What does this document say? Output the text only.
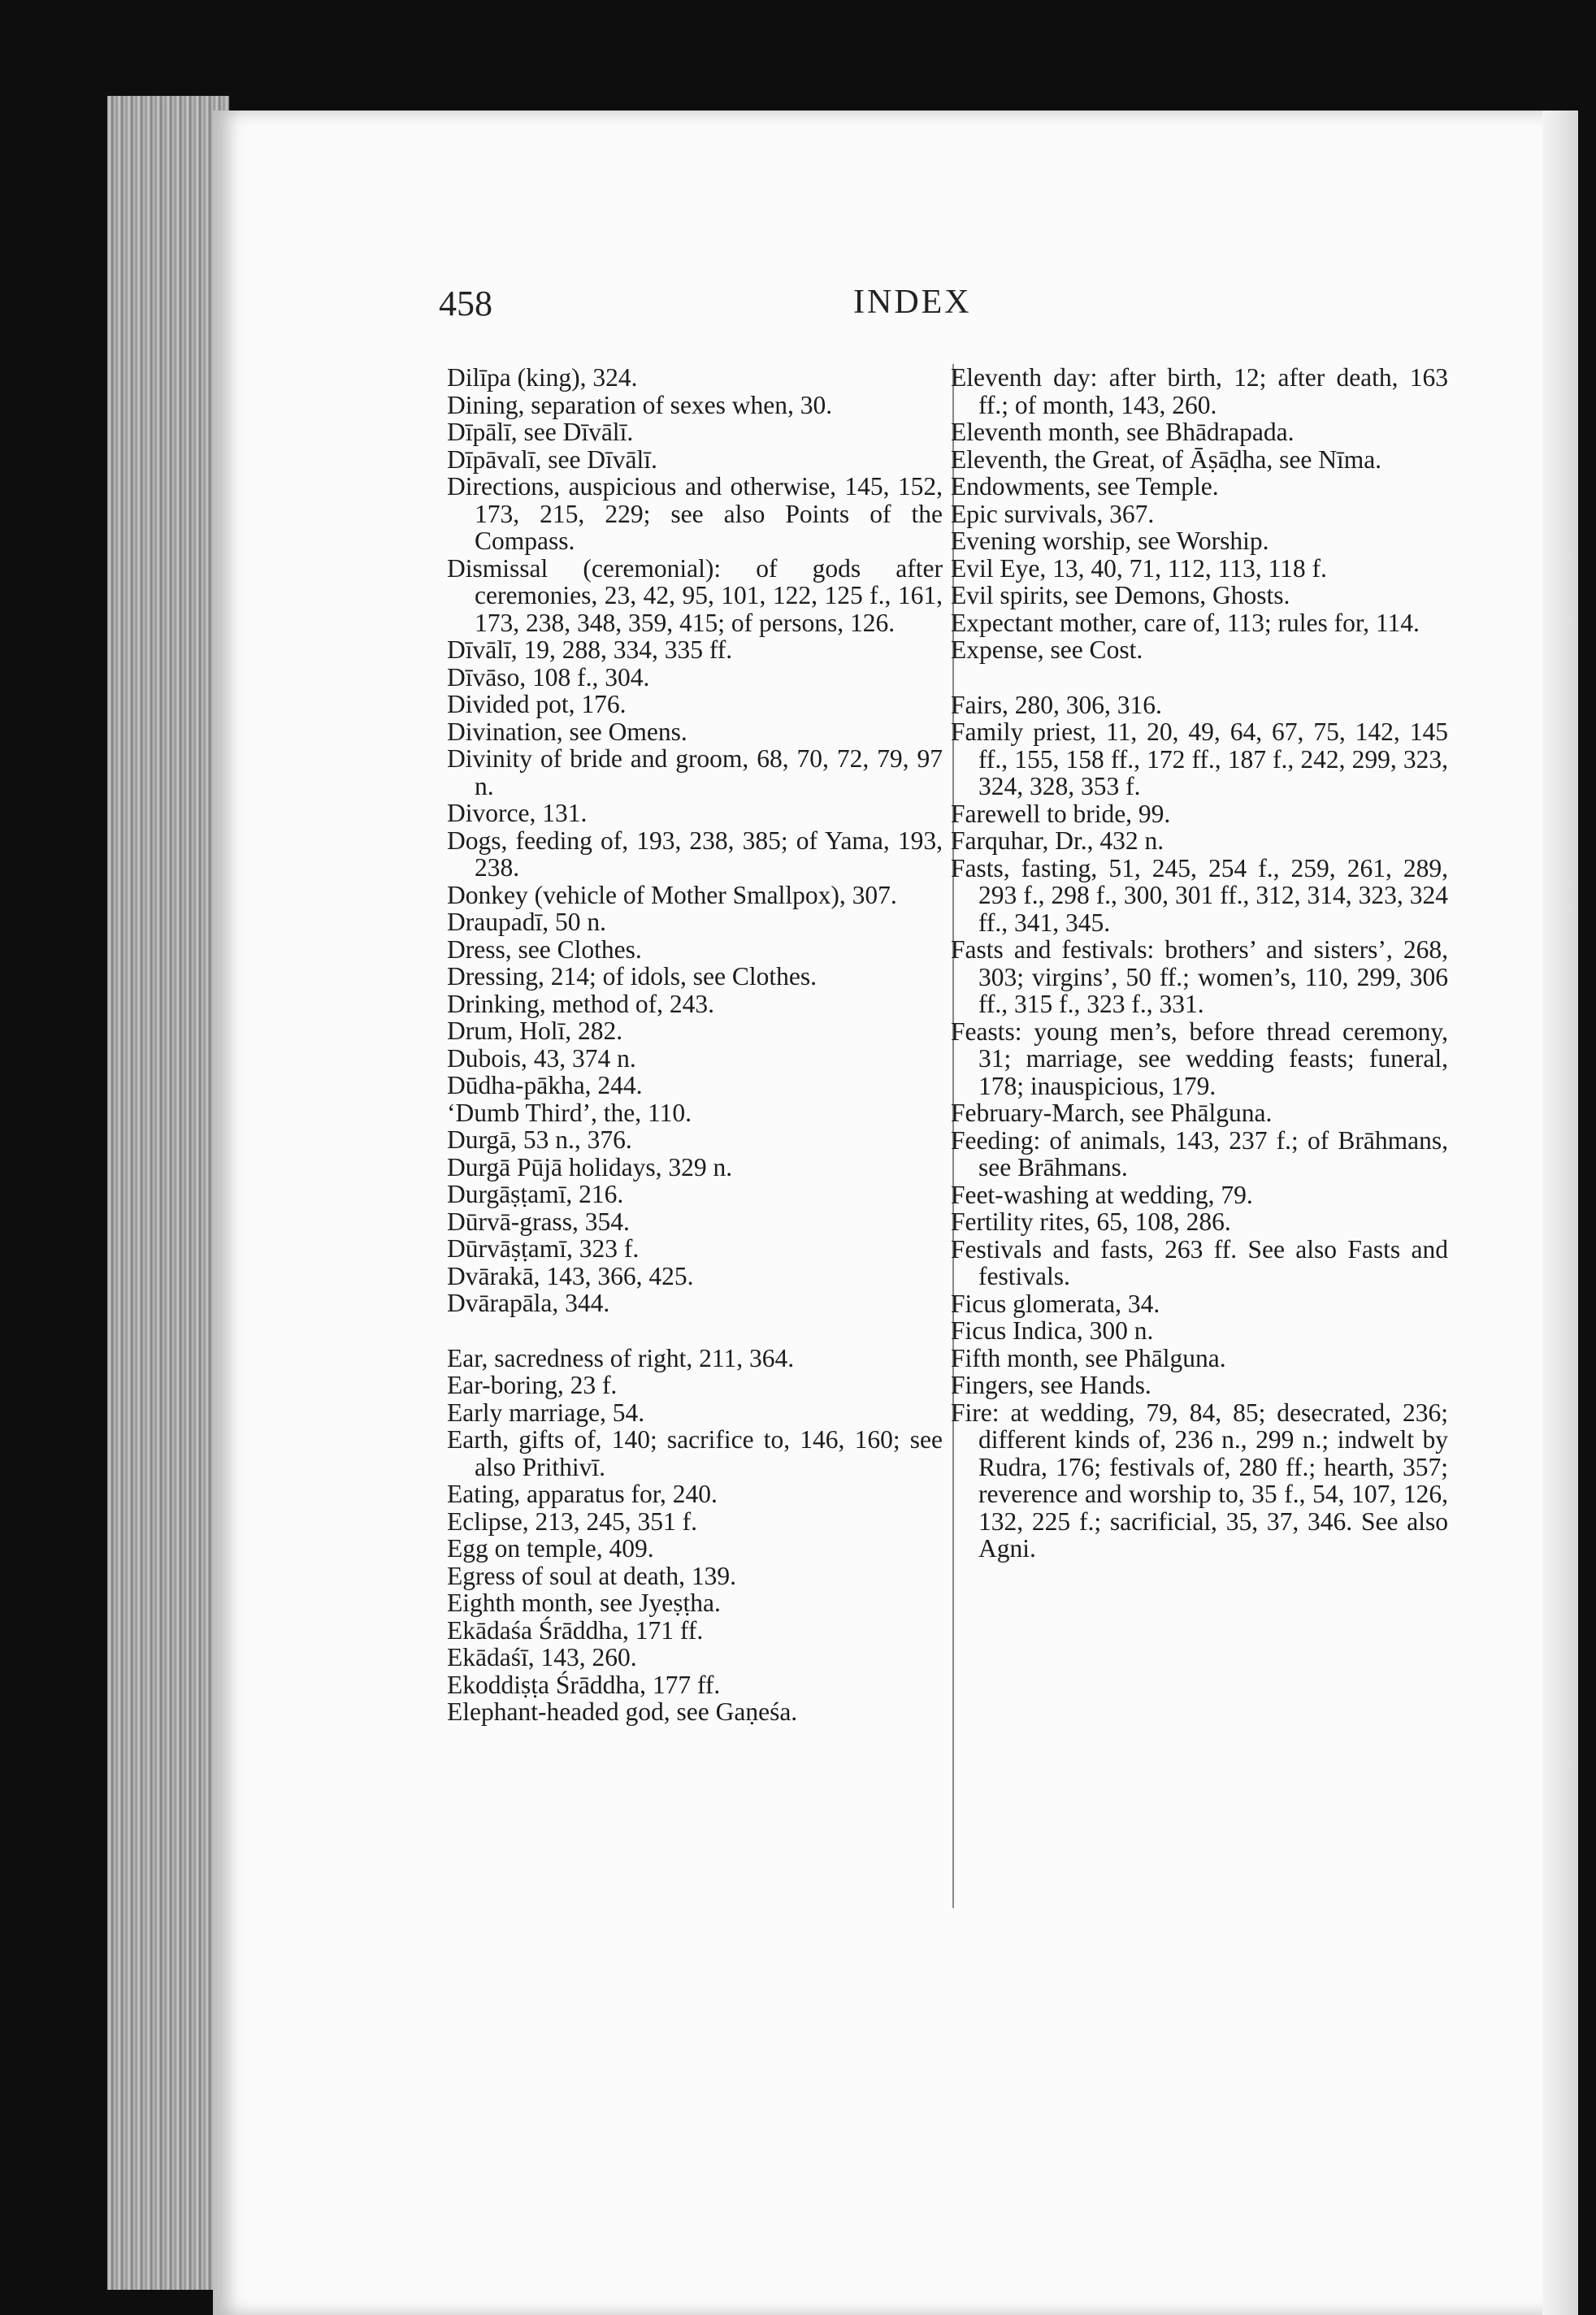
458	INDEX

Dilīpa (king), 324.

Dining, separation of sexes when, 30.

Dīpālī, see Dīvālī.

Dīpāvalī, see Dīvālī.

Directions, auspicious and otherwise, 145, 152, 173, 215, 229; see also Points of the Compass.

Dismissal (ceremonial): of gods after ceremonies, 23, 42, 95, 101, 122, 125 f., 161, 173, 238, 348, 359, 415; of persons, 126.

Dīvālī, 19, 288, 334, 335 ff.

Dīvāso, 108 f., 304.

Divided pot, 176.

Divination, see Omens.

Divinity of bride and groom, 68, 70, 72, 79, 97 n.

Divorce, 131.

Dogs, feeding of, 193, 238, 385; of Yama, 193, 238.

Donkey (vehicle of Mother Smallpox), 307.

Draupadī, 50 n.

Dress, see Clothes.

Dressing, 214; of idols, see Clothes.

Drinking, method of, 243.

Drum, Holī, 282.

Dubois, 43, 374 n.

Dūdha-pākha, 244.

‘Dumb Third’, the, 110.

Durgā, 53 n., 376.

Durgā Pūjā holidays, 329 n.

Durgāṣṭamī, 216.

Dūrvā-grass, 354.

Dūrvāṣṭamī, 323 f.

Dvārakā, 143, 366, 425.

Dvārapāla, 344.

Ear, sacredness of right, 211, 364.

Ear-boring, 23 f.

Early marriage, 54.

Earth, gifts of, 140; sacrifice to, 146, 160; see also Prithivī.

Eating, apparatus for, 240.

Eclipse, 213, 245, 351 f.

Egg on temple, 409.

Egress of soul at death, 139.

Eighth month, see Jyeṣṭha.

Ekādaśa Śrāddha, 171 ff.

Ekādaśī, 143, 260.

Ekoddiṣṭa Śrāddha, 177 ff.

Elephant-headed god, see Gaṇeśa.

Eleventh day: after birth, 12; after death, 163 ff.; of month, 143, 260.

Eleventh month, see Bhādrapada.

Eleventh, the Great, of Āṣāḍha, see Nīma.

Endowments, see Temple.

Epic survivals, 367.

Evening worship, see Worship.

Evil Eye, 13, 40, 71, 112, 113, 118 f.

Evil spirits, see Demons, Ghosts.

Expectant mother, care of, 113; rules for, 114.

Expense, see Cost.

Fairs, 280, 306, 316.

Family priest, 11, 20, 49, 64, 67, 75, 142, 145 ff., 155, 158 ff., 172 ff., 187 f., 242, 299, 323, 324, 328, 353 f.

Farewell to bride, 99.

Farquhar, Dr., 432 n.

Fasts, fasting, 51, 245, 254 f., 259, 261, 289, 293 f., 298 f., 300, 301 ff., 312, 314, 323, 324 ff., 341, 345.

Fasts and festivals: brothers’ and sisters’, 268, 303; virgins’, 50 ff.; women’s, 110, 299, 306 ff., 315 f., 323 f., 331.

Feasts: young men’s, before thread ceremony, 31; marriage, see wedding feasts; funeral, 178; inauspicious, 179.

February-March, see Phālguna.

Feeding: of animals, 143, 237 f.; of Brāhmans, see Brāhmans.

Feet-washing at wedding, 79.

Fertility rites, 65, 108, 286.

Festivals and fasts, 263 ff. See also Fasts and festivals.

Ficus glomerata, 34.

Ficus Indica, 300 n.

Fifth month, see Phālguna.

Fingers, see Hands.

Fire: at wedding, 79, 84, 85; desecrated, 236; different kinds of, 236 n., 299 n.; indwelt by Rudra, 176; festivals of, 280 ff.; hearth, 357; reverence and worship to, 35 f., 54, 107, 126, 132, 225 f.; sacrificial, 35, 37, 346. See also Agni.
